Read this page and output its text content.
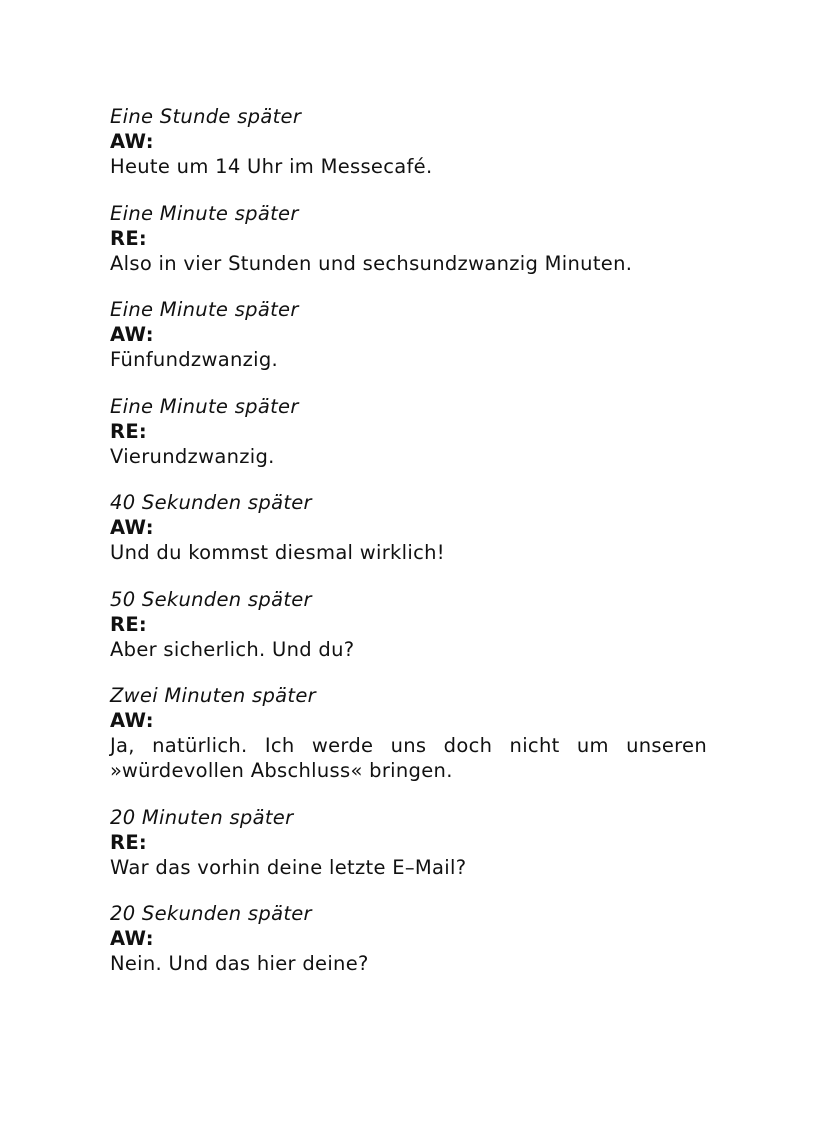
Eine Stunde später

AW:

Heute um 14 Uhr im Messecafé.

Eine Minute später

RE:

Also in vier Stunden und sechsundzwanzig Minuten.

Eine Minute später

AW:

Fünfundzwanzig.

Eine Minute später

RE:

Vierundzwanzig.

40 Sekunden später

AW:

Und du kommst diesmal wirklich!

50 Sekunden später

RE:

Aber sicherlich. Und du?

Zwei Minuten später

AW:

Ja, natürlich. Ich werde uns doch nicht um unseren »würdevollen Abschluss« bringen.

20 Minuten später

RE:

War das vorhin deine letzte E–Mail?

20 Sekunden später

AW:

Nein. Und das hier deine?
